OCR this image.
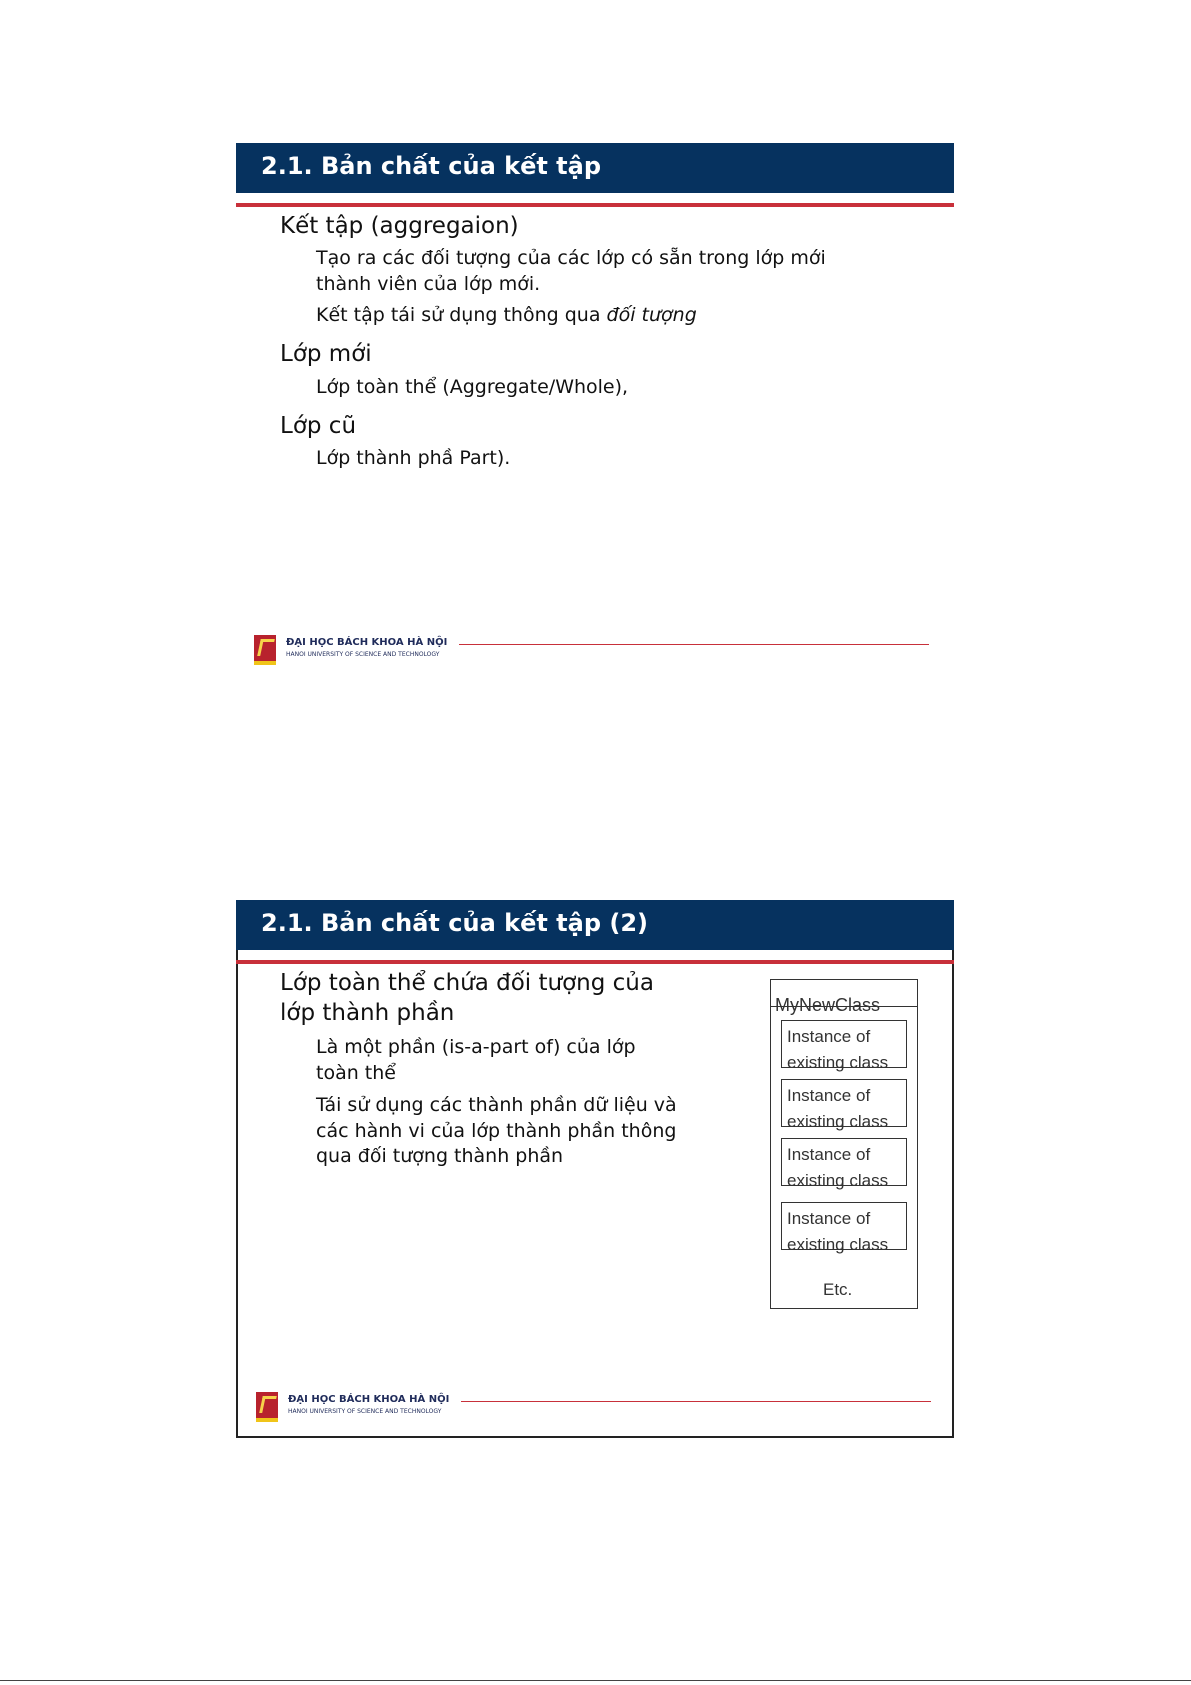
2.1. Bản chất của kết tập
Kết tập (aggregaion)
Tạo ra các đối tượng của các lớp có sẵn trong lớp mới
thành viên của lớp mới.
Kết tập tái sử dụng thông qua đối tượng
Lớp mới
Lớp toàn thể (Aggregate/Whole),
Lớp cũ
Lớp thành phầ Part).
ĐẠI HỌC BÁCH KHOA HÀ NỘI
HANOI UNIVERSITY OF SCIENCE AND TECHNOLOGY
2.1. Bản chất của kết tập (2)
Lớp toàn thể chứa đối tượng của
lớp thành phần
Là một phần (is-a-part of) của lớp
toàn thể
Tái sử dụng các thành phần dữ liệu và
các hành vi của lớp thành phần thông
qua đối tượng thành phần
MyNewClass
Instance of
existing class
Instance of
existing class
Instance of
existing class
Instance of
existing class
Etc.
ĐẠI HỌC BÁCH KHOA HÀ NỘI
HANOI UNIVERSITY OF SCIENCE AND TECHNOLOGY
